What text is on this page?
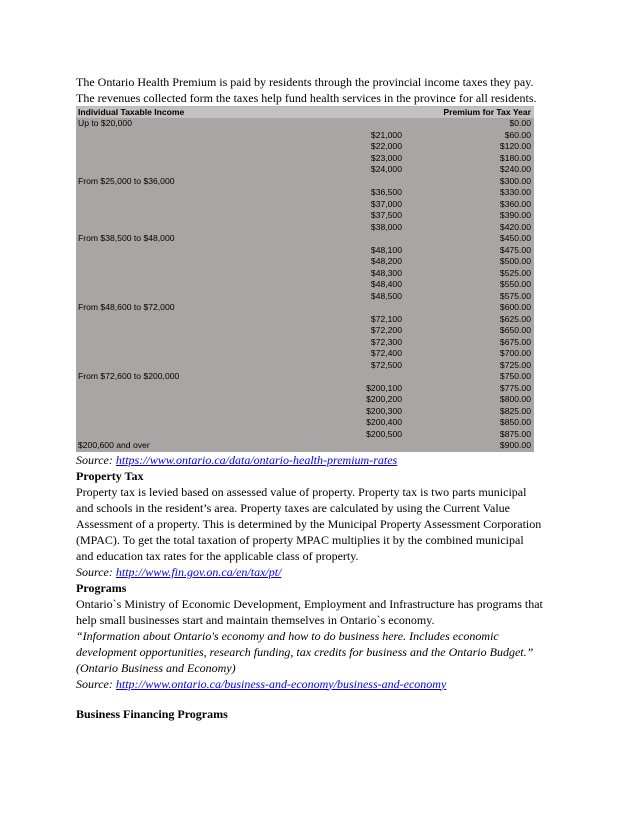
The Ontario Health Premium is paid by residents through the provincial income taxes they pay.

The revenues collected form the taxes help fund health services in the province for all residents.

Individual Taxable Income	Premium for Tax Year
Up to $20,000	$0.00
$21,000	$60.00
$22,000	$120.00
$23,000	$180.00
$24,000	$240.00
From $25,000 to $36,000	$300.00
$36,500	$330.00
$37,000	$360.00
$37,500	$390.00
$38,000	$420.00
From $38,500 to $48,000	$450.00
$48,100	$475.00
$48,200	$500.00
$48,300	$525.00
$48,400	$550.00
$48,500	$575.00
From $48,600 to $72,000	$600.00
$72,100	$625.00
$72,200	$650.00
$72,300	$675.00
$72,400	$700.00
$72,500	$725.00
From $72,600 to $200,000	$750.00
$200,100	$775.00
$200,200	$800.00
$200,300	$825.00
$200,400	$850.00
$200,500	$875.00
$200,600 and over	$900.00

Source: https://www.ontario.ca/data/ontario-health-premium-rates

Property Tax

Property tax is levied based on assessed value of property. Property tax is two parts municipal

and schools in the resident’s area. Property taxes are calculated by using the Current Value

Assessment of a property. This is determined by the Municipal Property Assessment Corporation

(MPAC). To get the total taxation of property MPAC multiplies it by the combined municipal

and education tax rates for the applicable class of property.

Source: http://www.fin.gov.on.ca/en/tax/pt/

Programs

Ontario`s Ministry of Economic Development, Employment and Infrastructure has programs that

help small businesses start and maintain themselves in Ontario`s economy.

“Information about Ontario's economy and how to do business here. Includes economic

development opportunities, research funding, tax credits for business and the Ontario Budget.”

(Ontario Business and Economy)

Source: http://www.ontario.ca/business-and-economy/business-and-economy

Business Financing Programs
